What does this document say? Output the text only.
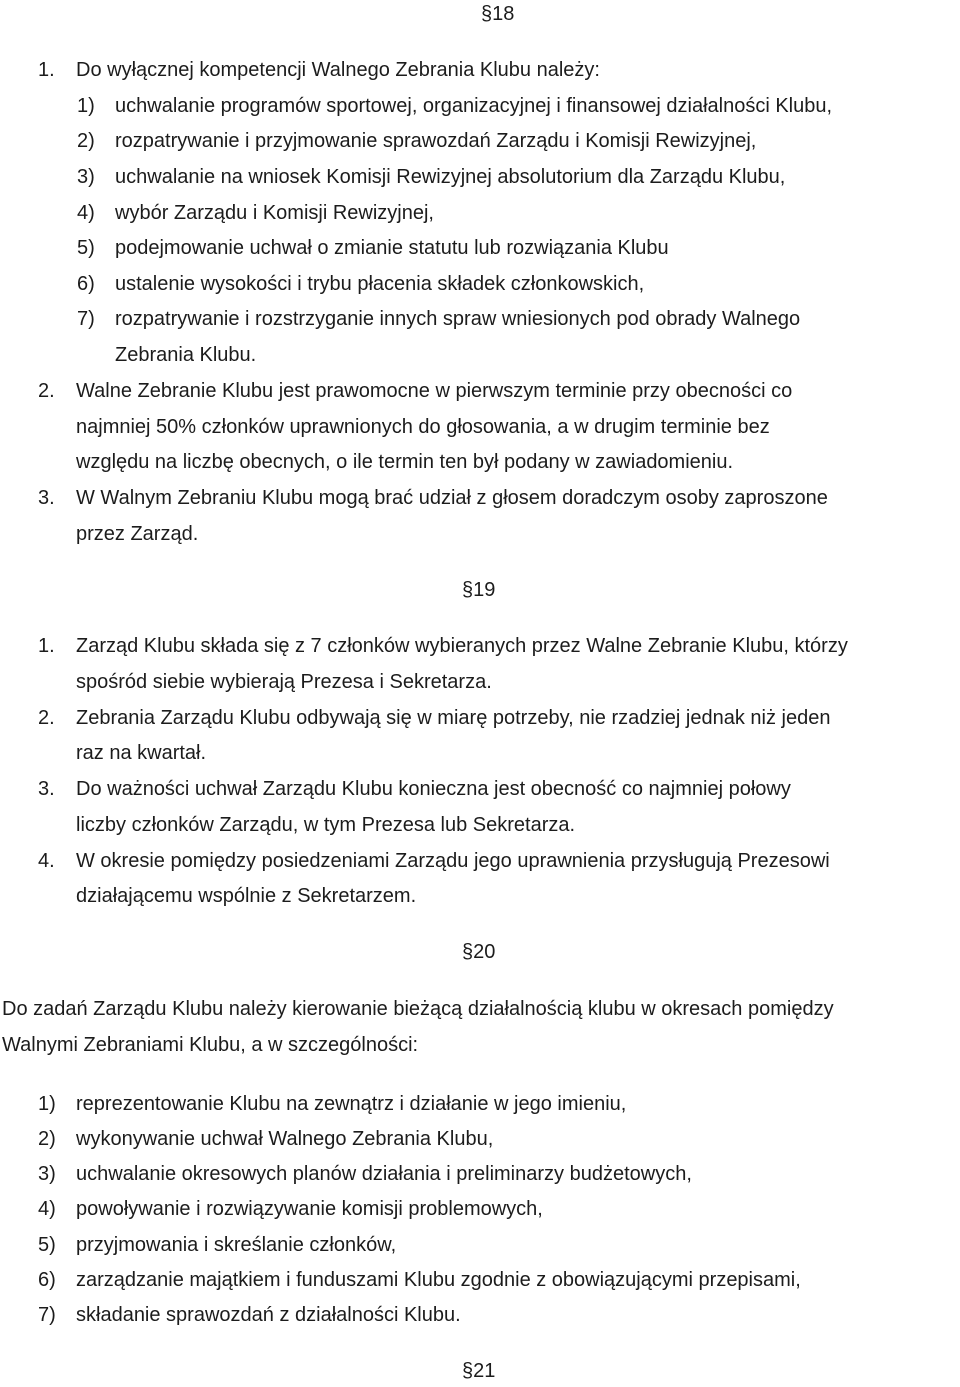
§18
1. Do wyłącznej kompetencji Walnego Zebrania Klubu należy:
1) uchwalanie programów sportowej, organizacyjnej i finansowej działalności Klubu,
2) rozpatrywanie i przyjmowanie sprawozdań Zarządu i Komisji Rewizyjnej,
3) uchwalanie na wniosek Komisji Rewizyjnej absolutorium dla Zarządu Klubu,
4) wybór Zarządu i Komisji Rewizyjnej,
5) podejmowanie uchwał o zmianie statutu lub rozwiązania Klubu
6) ustalenie wysokości i trybu płacenia składek członkowskich,
7) rozpatrywanie i rozstrzyganie innych spraw wniesionych pod obrady Walnego
Zebrania Klubu.
2. Walne Zebranie Klubu jest prawomocne w pierwszym terminie przy obecności co
najmniej 50% członków uprawnionych do głosowania, a w drugim terminie bez
względu na liczbę obecnych, o ile termin ten był podany w zawiadomieniu.
3. W Walnym Zebraniu Klubu mogą brać udział z głosem doradczym osoby zaproszone
przez Zarząd.
§19
1. Zarząd Klubu składa się z 7 członków wybieranych przez Walne Zebranie Klubu, którzy
spośród siebie wybierają Prezesa i Sekretarza.
2. Zebrania Zarządu Klubu odbywają się w miarę potrzeby, nie rzadziej jednak niż jeden
raz na kwartał.
3. Do ważności uchwał Zarządu Klubu konieczna jest obecność co najmniej połowy
liczby członków Zarządu, w tym Prezesa lub Sekretarza.
4. W okresie pomiędzy posiedzeniami Zarządu jego uprawnienia przysługują Prezesowi
działającemu wspólnie z Sekretarzem.
§20
Do zadań Zarządu Klubu należy kierowanie bieżącą działalnością klubu w okresach pomiędzy
Walnymi Zebraniami Klubu, a w szczególności:
1) reprezentowanie Klubu na zewnątrz i działanie w jego imieniu,
2) wykonywanie uchwał Walnego Zebrania Klubu,
3) uchwalanie okresowych planów działania i preliminarzy budżetowych,
4) powoływanie i rozwiązywanie komisji problemowych,
5) przyjmowania i skreślanie członków,
6) zarządzanie majątkiem i funduszami Klubu zgodnie z obowiązującymi przepisami,
7) składanie sprawozdań z działalności Klubu.
§21
